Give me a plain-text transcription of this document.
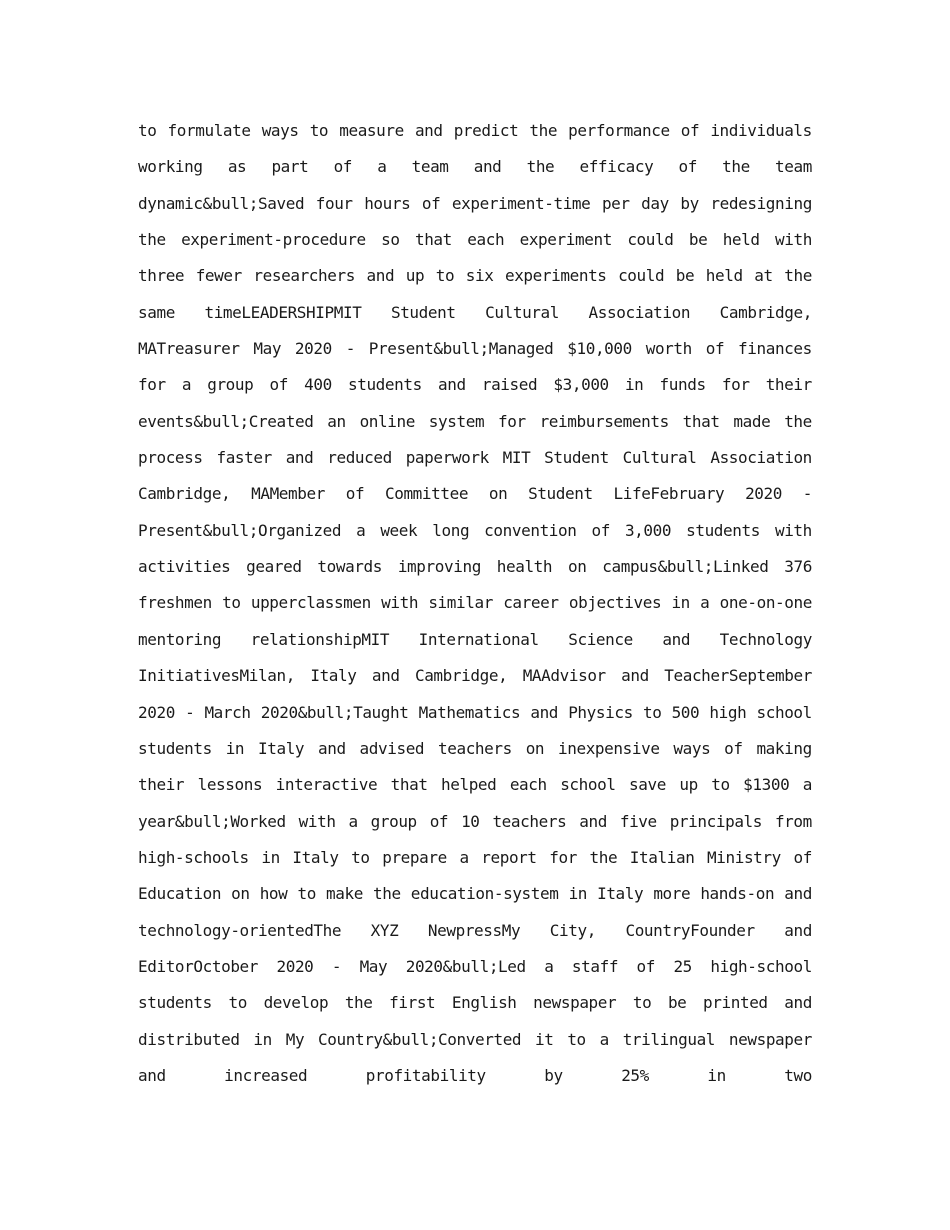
to formulate ways to measure and predict the performance of individuals
working as part of a team and the efficacy of the team
dynamic&bull;Saved four hours of experiment-time per day by redesigning
the experiment-procedure so that each experiment could be held with
three fewer researchers and up to six experiments could be held at the
same timeLEADERSHIPMIT Student Cultural Association Cambridge,
MATreasurer May 2020 - Present&bull;Managed $10,000 worth of finances
for a group of 400 students and raised $3,000 in funds for their
events&bull;Created an online system for reimbursements that made the
process faster and reduced paperwork MIT Student Cultural Association
Cambridge, MAMember of Committee on Student LifeFebruary 2020 -
Present&bull;Organized a week long convention of 3,000 students with
activities geared towards improving health on campus&bull;Linked 376
freshmen to upperclassmen with similar career objectives in a one-on-one
mentoring relationshipMIT International Science and Technology
InitiativesMilan, Italy and Cambridge, MAAdvisor and TeacherSeptember
2020 - March 2020&bull;Taught Mathematics and Physics to 500 high school
students in Italy and advised teachers on inexpensive ways of making
their lessons interactive that helped each school save up to $1300 a
year&bull;Worked with a group of 10 teachers and five principals from
high-schools in Italy to prepare a report for the Italian Ministry of
Education on how to make the education-system in Italy more hands-on and
technology-orientedThe XYZ NewpressMy City, CountryFounder and
EditorOctober 2020 - May 2020&bull;Led a staff of 25 high-school
students to develop the first English newspaper to be printed and
distributed in My Country&bull;Converted it to a trilingual newspaper
and	increased	profitability	by	25%	in	two
